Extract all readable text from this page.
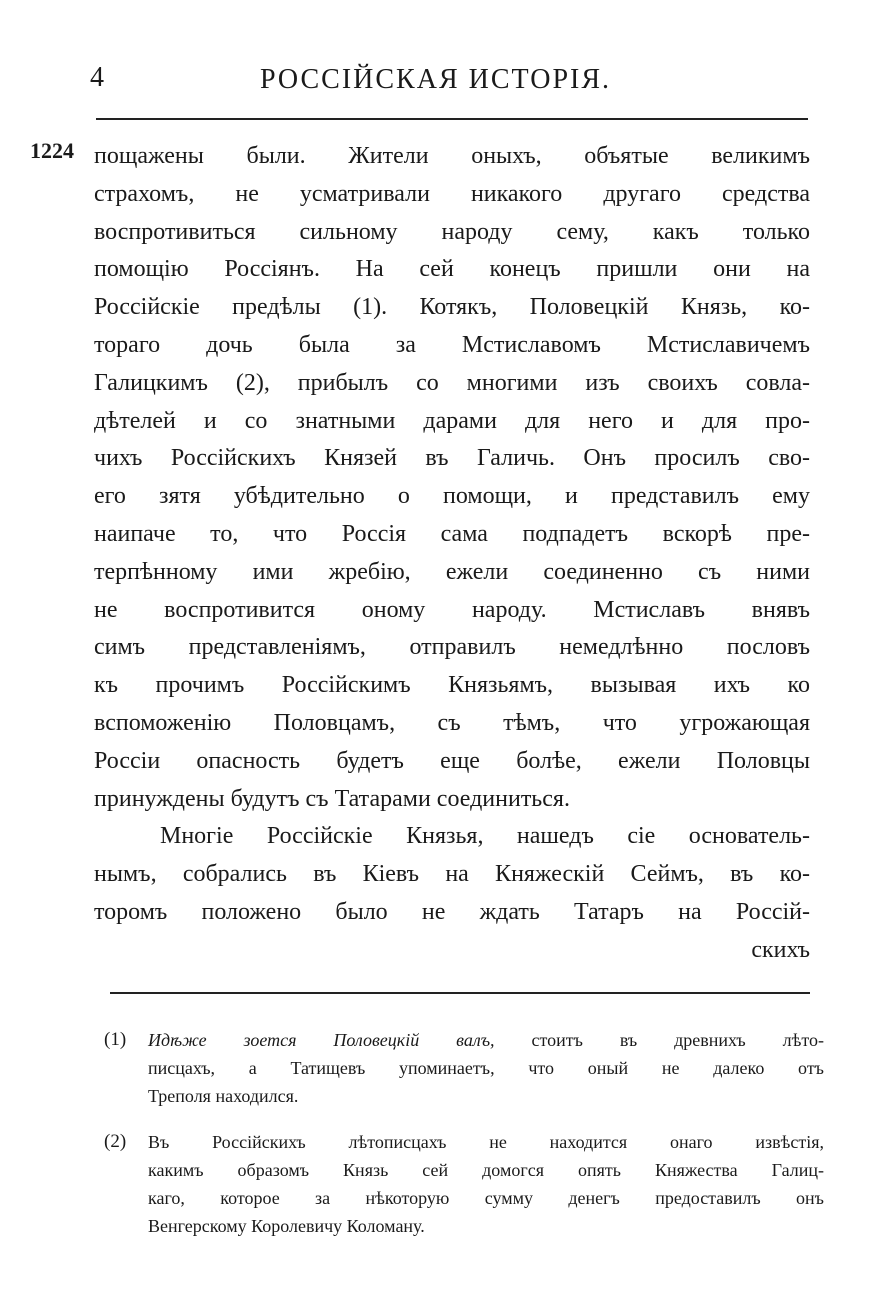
4	РОССІЙСКАЯ ИСТОРІЯ.
1224 пощажены были. Жители оныхъ, объятые великимъ
страхомъ, не усматривали никакого другаго средства
воспротивиться сильному народу сему, какъ только
помощію Россіянъ. На сей конецъ пришли они на
Россійскіе предѣлы (1). Котякъ, Половецкій Князь, ко-
тораго дочь была за Мстиславомъ Мстиславичемъ
Галицкимъ (2), прибылъ со многими изъ своихъ совла-
дѣтелей и со знатными дарами для него и для про-
чихъ Россійскихъ Князей въ Галичь. Онъ просилъ сво-
его зятя убѣдительно о помощи, и представилъ ему
наипаче то, что Россія сама подпадетъ вскорѣ пре-
терпѣнному ими жребію, ежели соединенно съ ними
не воспротивится оному народу. Мстиславъ внявъ
симъ представленіямъ, отправилъ немедлѣнно пословъ
къ прочимъ Россійскимъ Князьямъ, вызывая ихъ ко
вспоможенію Половцамъ, съ тѣмъ, что угрожающая
Россіи опасность будетъ еще болѣе, ежели Половцы
принуждены будутъ съ Татарами соединиться.
Многіе Россійскіе Князья, нашедъ сіе основатель-
нымъ, собрались въ Кіевъ на Княжескій Сеймъ, въ ко-
торомъ положено было не ждать Татаръ на Россій-
скихъ
(1) Идѣже зоется Половецкій валъ, стоитъ въ древнихъ лѣто-
писцахъ, а Татищевъ упоминаетъ, что оный не далеко отъ
Треполя находился.
(2) Въ Россійскихъ лѣтописцахъ не находится онаго извѣстія,
какимъ образомъ Князь сей домогся опять Княжества Галиц-
каго, которое за нѣкоторую сумму денегъ предоставилъ онъ
Венгерскому Королевичу Коломану.
